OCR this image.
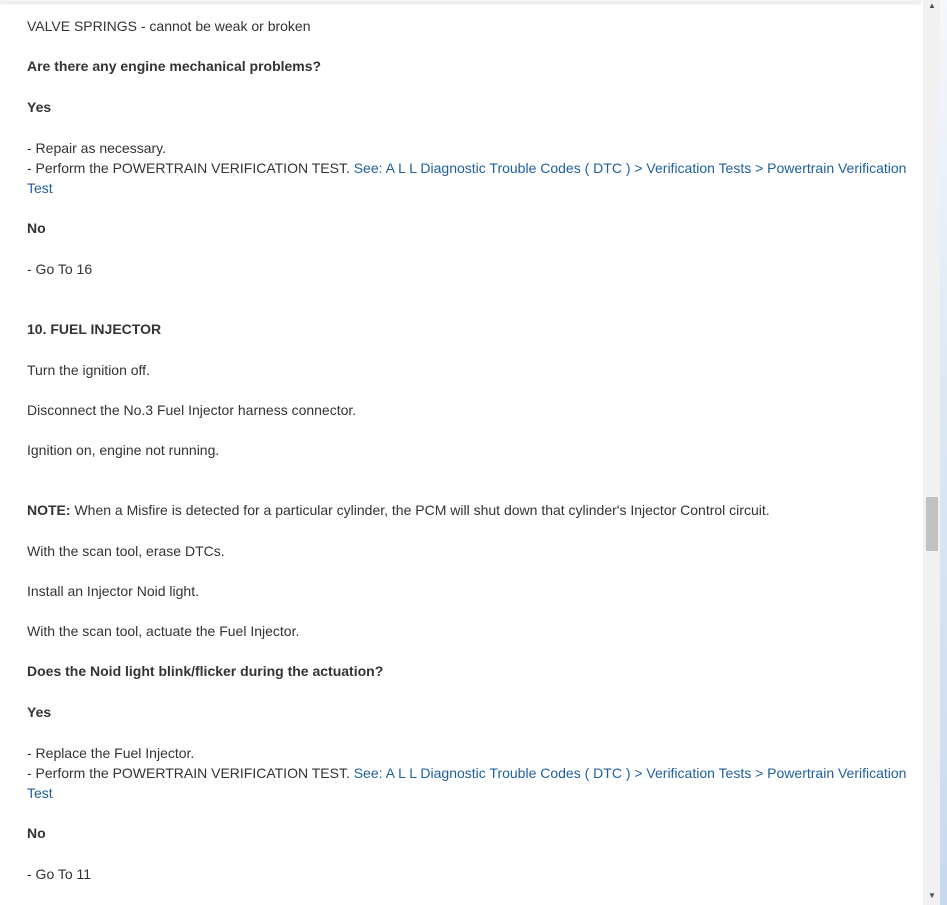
VALVE SPRINGS - cannot be weak or broken
Are there any engine mechanical problems?
Yes
- Repair as necessary.
- Perform the POWERTRAIN VERIFICATION TEST. See: A L L Diagnostic Trouble Codes ( DTC ) > Verification Tests > Powertrain Verification Test
No
- Go To 16
10. FUEL INJECTOR
Turn the ignition off.
Disconnect the No.3 Fuel Injector harness connector.
Ignition on, engine not running.
NOTE: When a Misfire is detected for a particular cylinder, the PCM will shut down that cylinder's Injector Control circuit.
With the scan tool, erase DTCs.
Install an Injector Noid light.
With the scan tool, actuate the Fuel Injector.
Does the Noid light blink/flicker during the actuation?
Yes
- Replace the Fuel Injector.
- Perform the POWERTRAIN VERIFICATION TEST. See: A L L Diagnostic Trouble Codes ( DTC ) > Verification Tests > Powertrain Verification Test
No
- Go To 11
▲
▼
